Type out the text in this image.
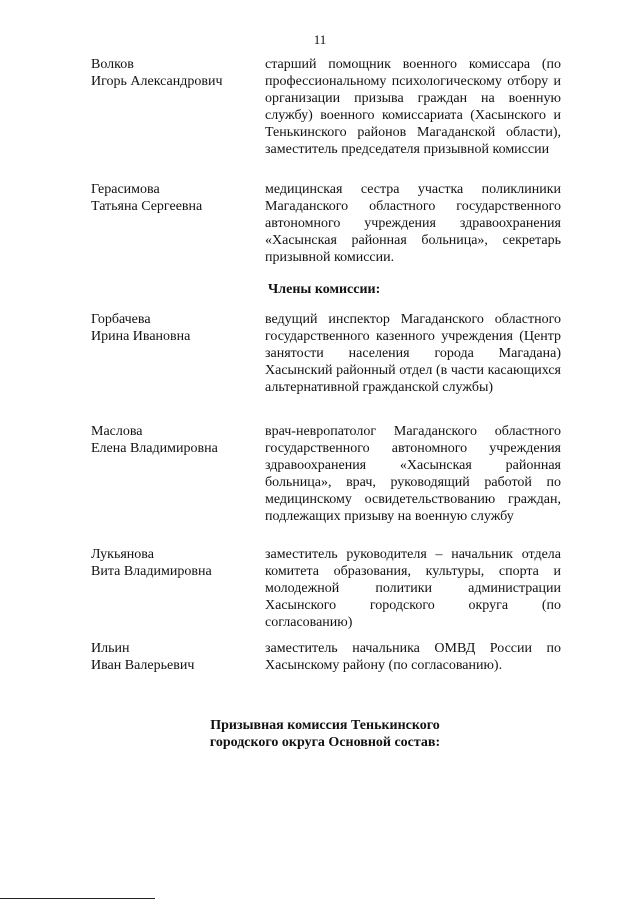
11
Волков
Игорь Александрович
старший помощник военного комиссара (по профессиональному психологическому отбору и организации призыва граждан на военную службу) военного комиссариата (Хасынского и Тенькинского районов Магаданской области), заместитель председателя призывной комиссии
Герасимова
Татьяна Сергеевна
медицинская сестра участка поликлиники Магаданского областного государственного автономного учреждения здравоохранения «Хасынская районная больница», секретарь призывной комиссии.
Члены комиссии:
Горбачева
Ирина Ивановна
ведущий инспектор Магаданского областного государственного казенного учреждения (Центр занятости населения города Магадана) Хасынский районный отдел (в части касающихся альтернативной гражданской службы)
Маслова
Елена Владимировна
врач-невропатолог Магаданского областного государственного автономного учреждения здравоохранения «Хасынская районная больница», врач, руководящий работой по медицинскому освидетельствованию граждан, подлежащих призыву на военную службу
Лукьянова
Вита Владимировна
заместитель руководителя – начальник отдела комитета образования, культуры, спорта и молодежной политики администрации Хасынского городского округа (по согласованию)
Ильин
Иван Валерьевич
заместитель начальника ОМВД России по Хасынскому району (по согласованию).
Призывная комиссия Тенькинского
городского округа Основной состав:
